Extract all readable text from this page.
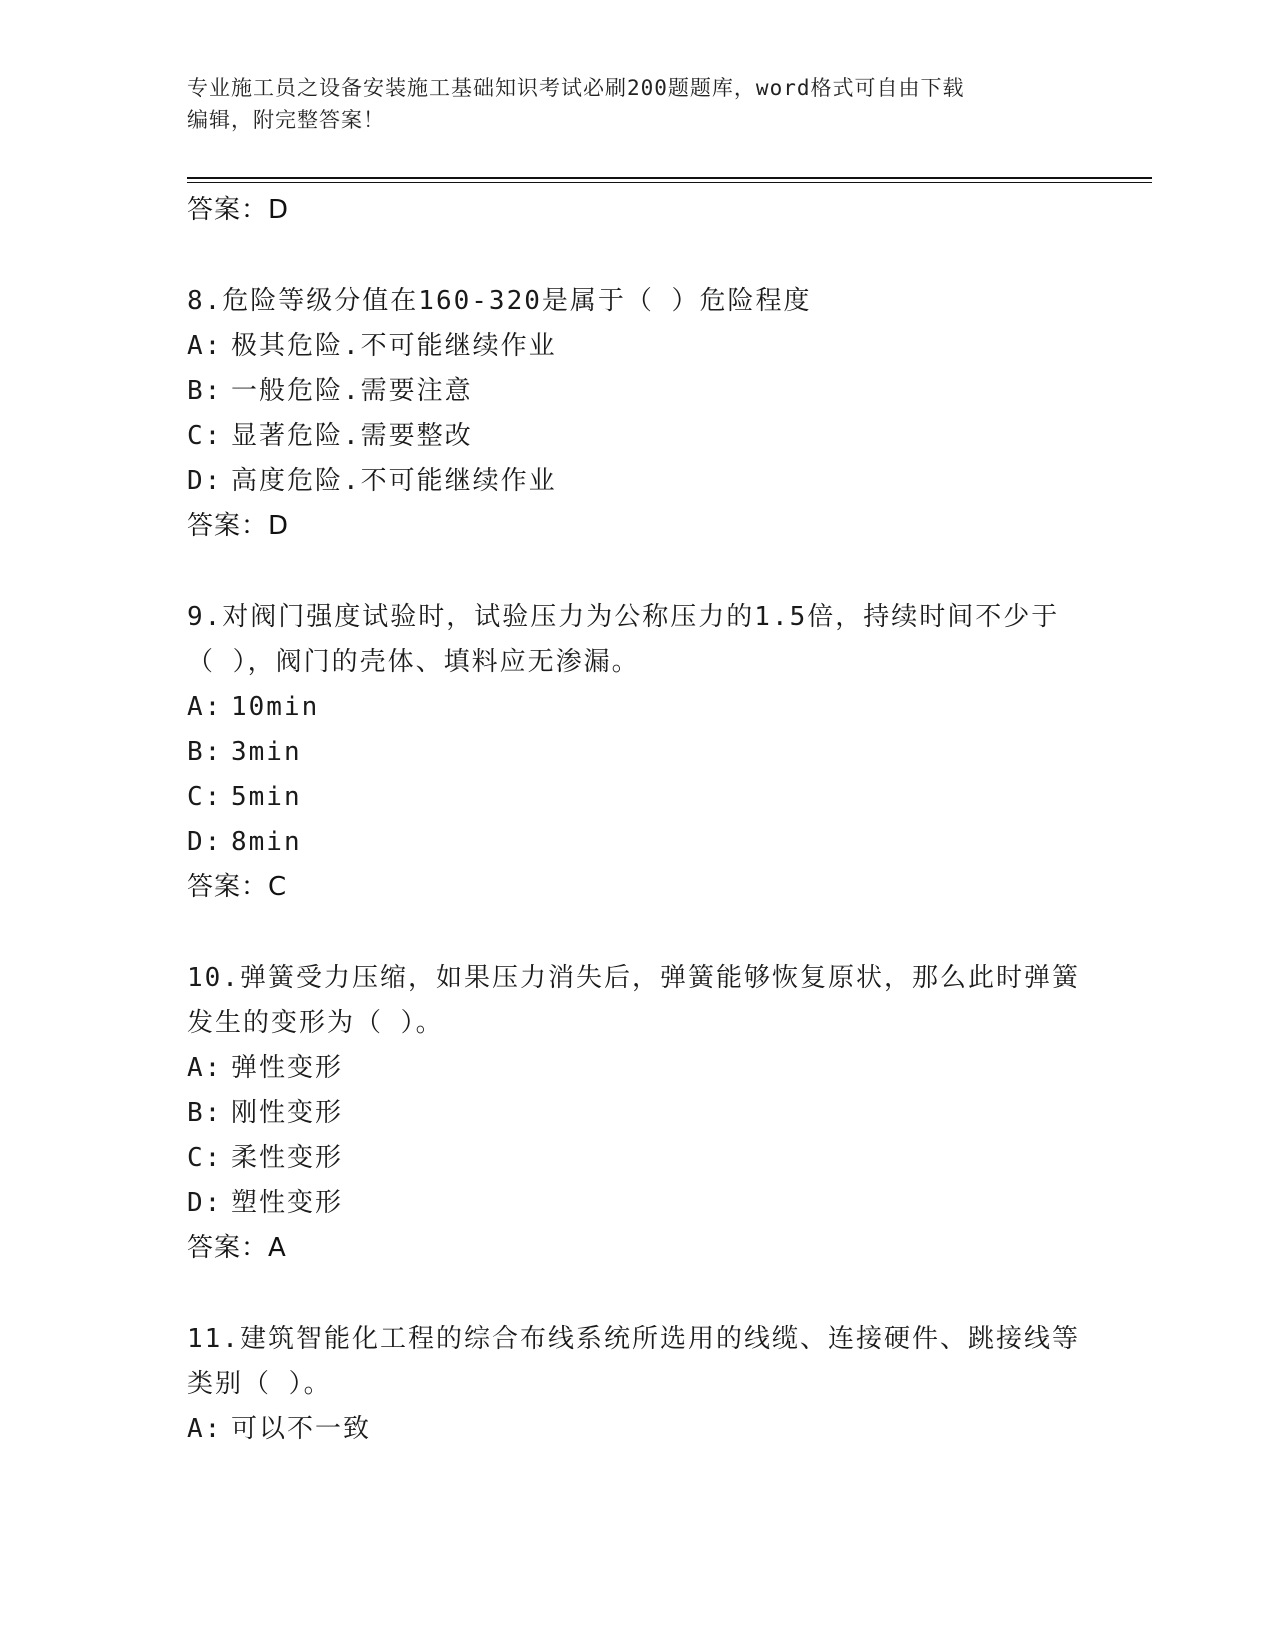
专业施工员之设备安装施工基础知识考试必刷200题题库，word格式可自由下载
编辑，附完整答案！
答案：D
8.危险等级分值在160-320是属于（ ）危险程度
A: 极其危险.不可能继续作业
B: 一般危险.需要注意
C: 显著危险.需要整改
D: 高度危险.不可能继续作业
答案：D
9.对阀门强度试验时，试验压力为公称压力的1.5倍，持续时间不少于（ ），阀门的壳体、填料应无渗漏。
A: 10min
B: 3min
C: 5min
D: 8min
答案：C
10.弹簧受力压缩，如果压力消失后，弹簧能够恢复原状，那么此时弹簧发生的变形为（ ）。
A: 弹性变形
B: 刚性变形
C: 柔性变形
D: 塑性变形
答案：A
11.建筑智能化工程的综合布线系统所选用的线缆、连接硬件、跳接线等类别（ ）。
A: 可以不一致
